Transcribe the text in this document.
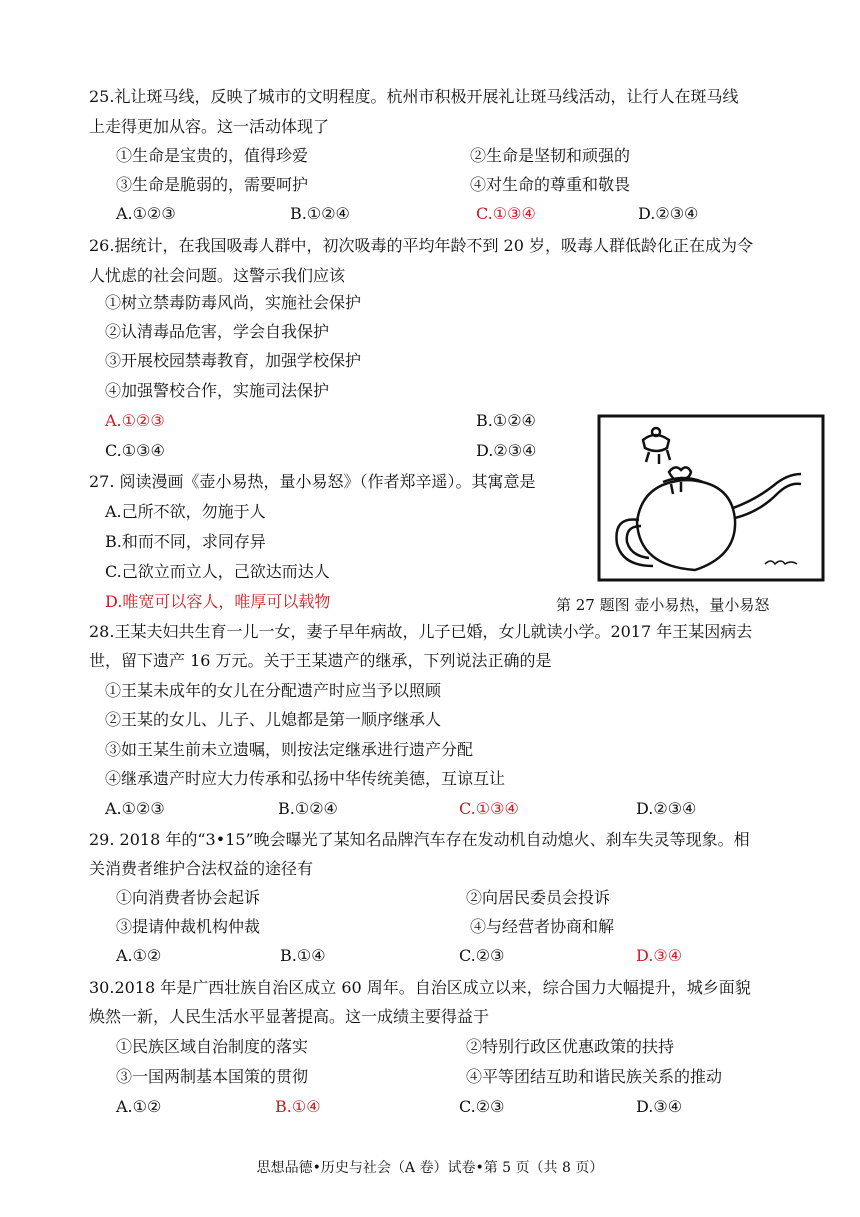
25.礼让斑马线，反映了城市的文明程度。杭州市积极开展礼让斑马线活动，让行人在斑马线
上走得更加从容。这一活动体现了
①生命是宝贵的，值得珍爱	②生命是坚韧和顽强的
③生命是脆弱的，需要呵护	④对生命的尊重和敬畏
A.①②③	B.①②④	C.①③④	D.②③④
26.据统计，在我国吸毒人群中，初次吸毒的平均年龄不到 20 岁，吸毒人群低龄化正在成为令
人忧虑的社会问题。这警示我们应该
①树立禁毒防毒风尚，实施社会保护
②认清毒品危害，学会自我保护
③开展校园禁毒教育，加强学校保护
④加强警校合作，实施司法保护
A.①②③	B.①②④
C.①③④	D.②③④
27. 阅读漫画《壶小易热，量小易怒》（作者郑辛遥）。其寓意是
A.己所不欲，勿施于人
B.和而不同，求同存异
C.己欲立而立人，己欲达而达人
D.唯宽可以容人，唯厚可以载物	第 27 题图 壶小易热，量小易怒
28.王某夫妇共生育一儿一女，妻子早年病故，儿子已婚，女儿就读小学。2017 年王某因病去
世，留下遗产 16 万元。关于王某遗产的继承，下列说法正确的是
①王某未成年的女儿在分配遗产时应当予以照顾
②王某的女儿、儿子、儿媳都是第一顺序继承人
③如王某生前未立遗嘱，则按法定继承进行遗产分配
④继承遗产时应大力传承和弘扬中华传统美德，互谅互让
A.①②③	B.①②④	C.①③④	D.②③④
29. 2018 年的“3•15”晚会曝光了某知名品牌汽车存在发动机自动熄火、刹车失灵等现象。相
关消费者维护合法权益的途径有
①向消费者协会起诉	②向居民委员会投诉
③提请仲裁机构仲裁	④与经营者协商和解
A.①②	B.①④	C.②③	D.③④
30.2018 年是广西壮族自治区成立 60 周年。自治区成立以来，综合国力大幅提升，城乡面貌
焕然一新，人民生活水平显著提高。这一成绩主要得益于
①民族区域自治制度的落实	②特别行政区优惠政策的扶持
③一国两制基本国策的贯彻	④平等团结互助和谐民族关系的推动
A.①②	B.①④	C.②③	D.③④
思想品德•历史与社会（A 卷）试卷•第 5 页（共 8 页）
